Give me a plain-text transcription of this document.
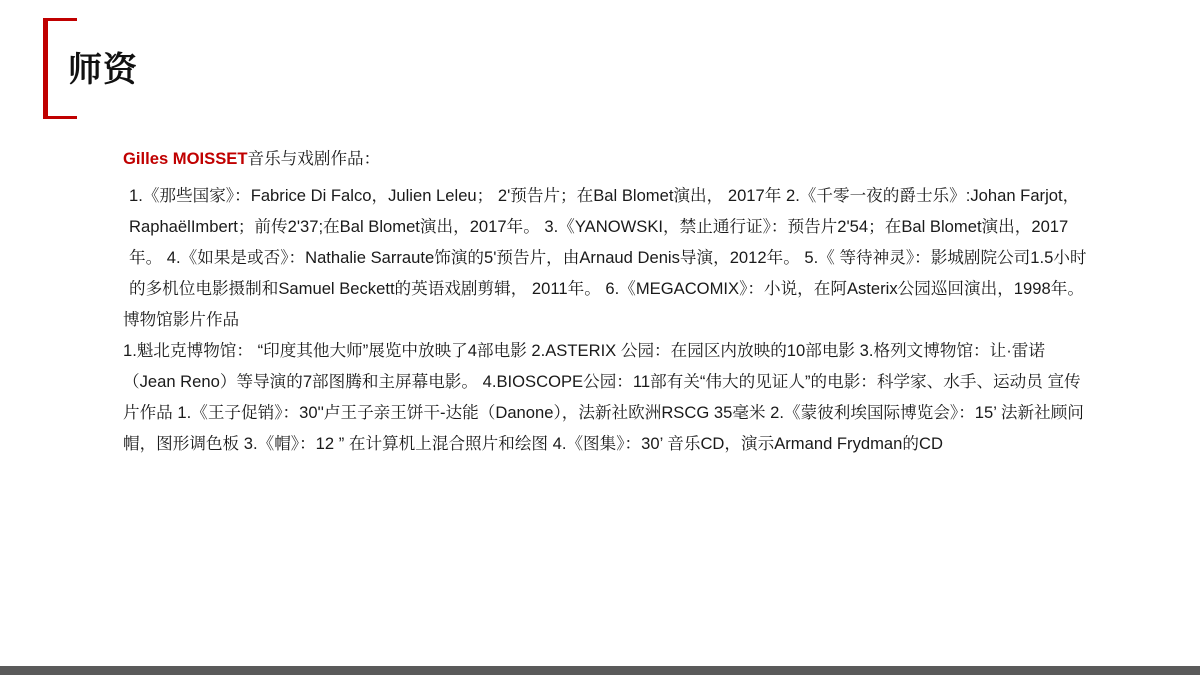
师资
Gilles MOISSET音乐与戏剧作品：

1.《那些国家》：Fabrice Di Falco，Julien Leleu； 2'预告片；在Bal Blomet演出， 2017年 2.《千零一夜的爵士乐》:Johan Farjot，RaphaëlImbert；前传2'37;在Bal Blomet演出，2017年。 3.《YANOWSKI，禁止通行证》：预告片2'54；在Bal Blomet演出，2017年。 4.《如果是或否》：Nathalie Sarraute饰演的5'预告片，由Arnaud Denis导演，2012年。 5.《 等待神灵》：影城剧院公司1.5小时的多机位电影摄制和Samuel Beckett的英语戏剧剪辑， 2011年。 6.《MEGACOMIX》：小说，在阿Asterix公园巡回演出，1998年。

博物馆影片作品

1.魁北克博物馆： “印度其他大师”展览中放映了4部电影 2.ASTERIX 公园：在园区内放映的10部电影 3.格列文博物馆：让·雷诺（Jean Reno）等导演的7部图腾和主屏幕电影。 4.BIOSCOPE公园：11部有关“伟大的见证人”的电影：科学家、水手、运动员 宣传片作品 1.《王子促销》：30''卢王子亲王饼干-达能（Danone），法新社欧洲RSCG 35毫米 2.《蒙彼利埃国际博览会》：15’ 法新社顾问帽，图形调色板 3.《帽》：12 ” 在计算机上混合照片和绘图 4.《图集》：30’ 音乐CD，演示Armand Frydman的CD
